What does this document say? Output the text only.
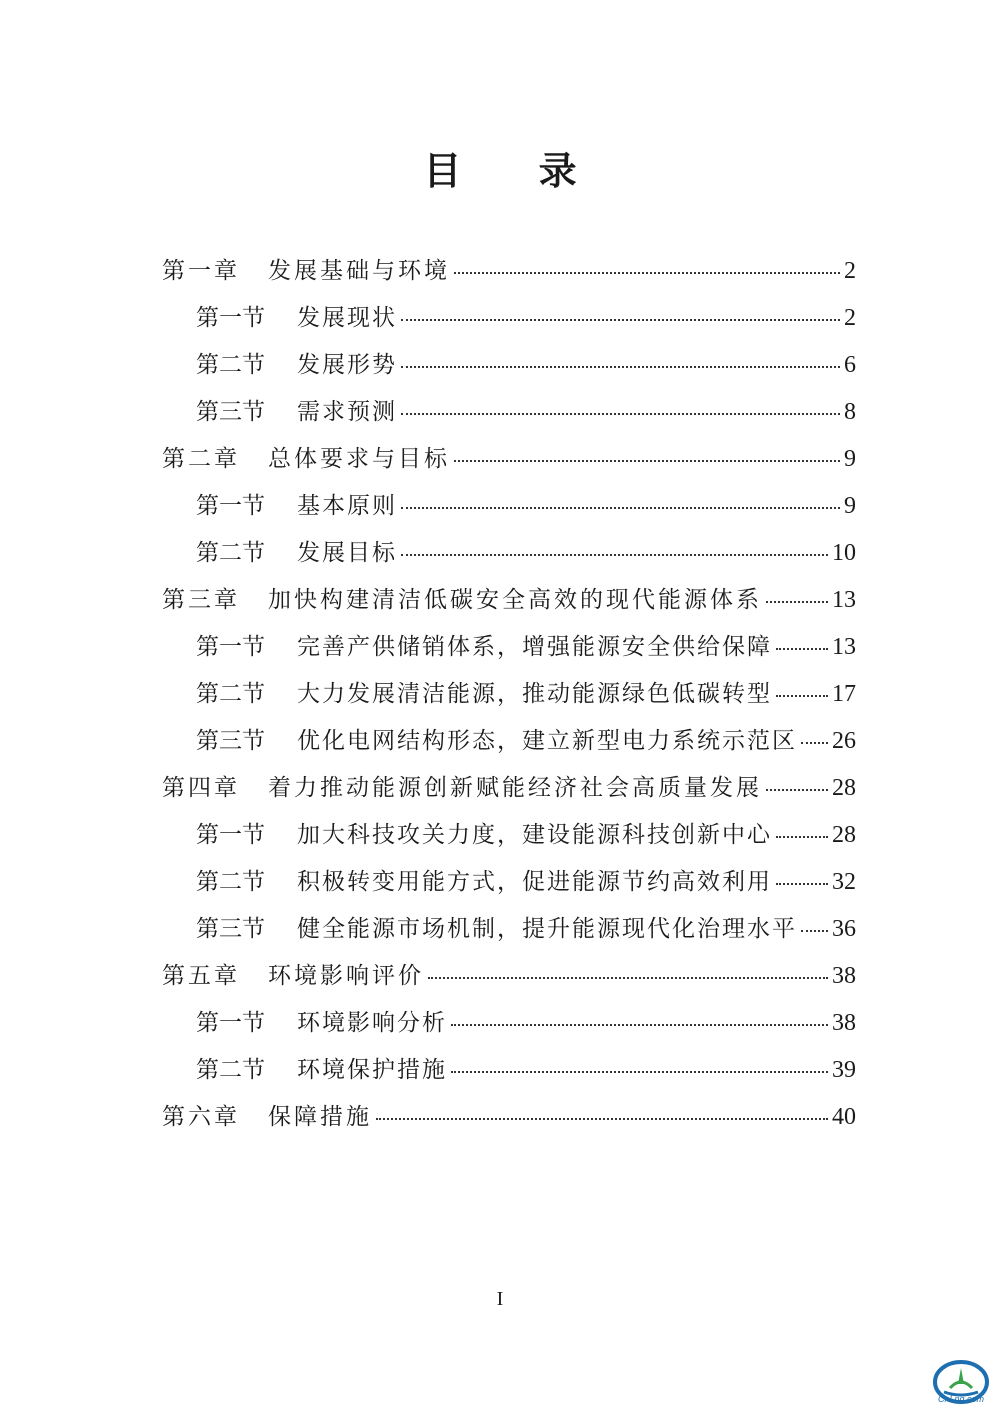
目 录
第一章	发展基础与环境	2
第一节	发展现状	2
第二节	发展形势	6
第三节	需求预测	8
第二章	总体要求与目标	9
第一节	基本原则	9
第二节	发展目标	10
第三章	加快构建清洁低碳安全高效的现代能源体系	13
第一节	完善产供储销体系，增强能源安全供给保障	13
第二节	大力发展清洁能源，推动能源绿色低碳转型	17
第三节	优化电网结构形态，建立新型电力系统示范区 26
第四章	着力推动能源创新赋能经济社会高质量发展	28
第一节	加大科技攻关力度，建设能源科技创新中心	28
第二节	积极转变用能方式，促进能源节约高效利用	32
第三节	健全能源市场机制，提升能源现代化治理水平 36
第五章	环境影响评价	38
第一节	环境影响分析	38
第二节	环境保护措施	39
第六章	保障措施	40
I
CnLng.com
